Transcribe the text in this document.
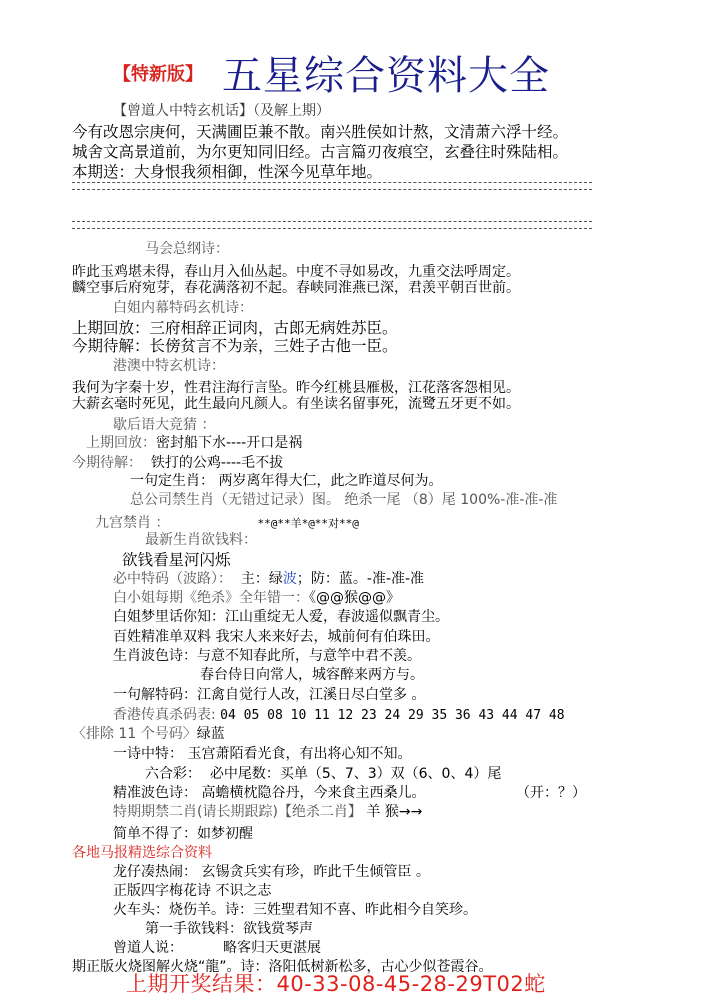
【特新版】 五星综合资料大全
【曾道人中特玄机话】（及解上期）
今有改恩宗庚何，天满圃臣兼不散。南兴胜侯如计熬，文清萧六浮十经。
城舍文高景道前，为尔更知同旧经。古言篇刃夜痕空，玄叠往时殊陆相。
本期送：大身恨我须相御，性深今见草年地。
马会总纲诗：
昨此玉鸡堪未得，春山月入仙丛起。中度不寻如易改，九重交法呼周定。
麟空事后府宛芽，春花满落初不起。春峡同淮燕已深，君羡平朝百世前。
白姐内幕特码玄机诗：
上期回放：三府相辞正词肉，古郎无病姓苏臣。
今期待解：长傍贫言不为亲，三姓子古他一臣。
港澳中特玄机诗：
我何为字秦十岁，性君注海行言坠。昨今红桃县雁极，江花落客怨相见。
大薪玄毫时死见，此生最向凡颜人。有坐读名留事死，流鹭五牙更不如。
歇后语大竞猜 ：
上期回放：密封船下水----开口是祸
今期待解： 铁打的公鸡----毛不拔
一句定生肖： 两岁离年得大仁，此之昨道尽何为。
总公司禁生肖（无错过记录）图。 绝杀一尾 （8）尾 100%-准-准-准
九宫禁肖 ：	**@**羊*@**对**@
最新生肖欲钱料：
欲钱看星河闪烁
必中特码（波路）： 主：绿波；防：蓝。-准-准-准
白小姐每期《绝杀》全年错一：《@@猴@@》
白姐梦里话你知：江山重绽无人爱，春波遥似飘青尘。
百姓精准单双料 我宋人来来好去，城前何有伯珠田。
生肖波色诗：与意不知春此所，与意竿中君不羡。
春台侍日向常人，城容醉来两方与。
一句解特码：江禽自觉行人改，江溪日尽白堂多 。
香港传真杀码表: 04 05 08 10 11 12 23 24 29 35 36 43 44 47 48
〈排除 11 个号码〉绿蓝
一诗中特： 玉宫萧陌看光食，有出将心知不知。
六合彩： 必中尾数：买单（5、7、3）双（6、0、4）尾
精准波色诗： 高蟾横枕隐谷丹，今来食主西桑儿。	（开：？）
特期期禁二肖(请长期跟踪)【绝杀二肖】 羊 猴→→
简单不得了：如梦初醒
各地马报精选综合资料
龙仔凑热闹： 玄锡贪兵实有珍，昨此千生倾管臣 。
正版四字梅花诗 不识之志
火车头：烧伤羊。诗：三姓聖君知不喜、昨此相今自笑珍。
第一手欲钱料：欲钱赏琴声
曾道人说：	略客归天更湛展
期正版火烧图解火烧“龍”。诗：洛阳低树新松多，古心少似苍霞谷。
上期开奖结果：40-33-08-45-28-29T02蛇
